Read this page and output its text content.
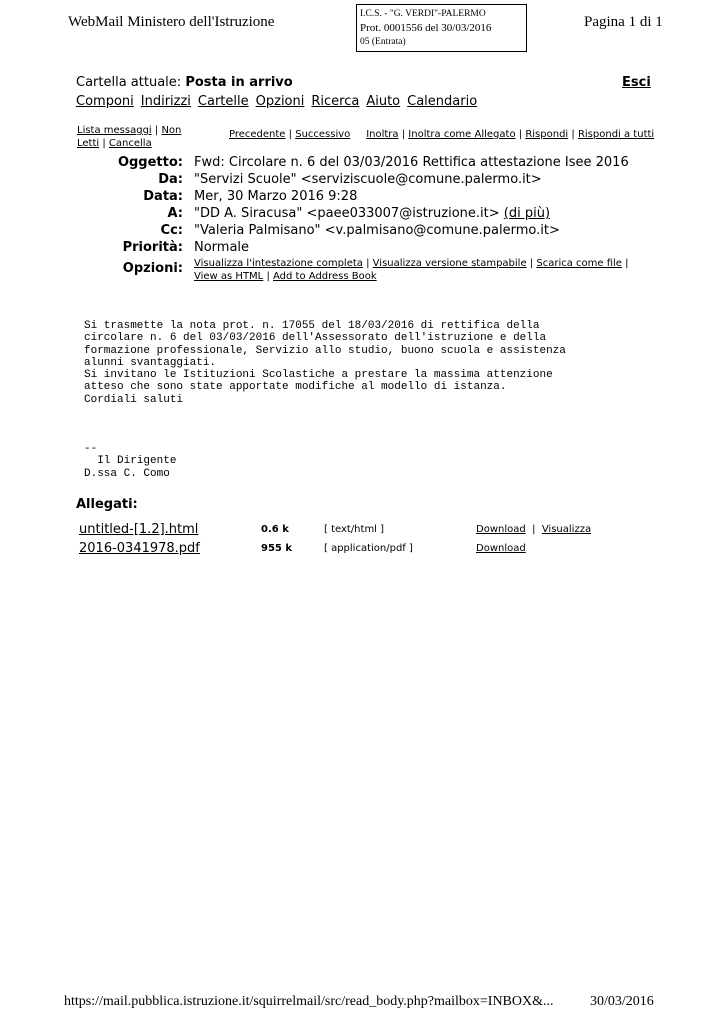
WebMail Ministero dell'Istruzione	I.C.S. - "G. VERDI"-PALERMO
Prot. 0001556 del 30/03/2016
05 (Entrata)
Pagina 1 di 1
Cartella attuale: Posta in arrivo	Esci
Componi Indirizzi Cartelle Opzioni Ricerca Aiuto Calendario
Lista messaggi | Non Letti | Cancella
Precedente | Successivo Inoltra | Inoltra come Allegato | Rispondi | Rispondi a tutti
Oggetto: Fwd: Circolare n. 6 del 03/03/2016 Rettifica attestazione Isee 2016
Da: "Servizi Scuole" <serviziscuole@comune.palermo.it>
Data: Mer, 30 Marzo 2016 9:28
A: "DD A. Siracusa" <paee033007@istruzione.it> (di più)
Cc: "Valeria Palmisano" <v.palmisano@comune.palermo.it>
Priorità: Normale
Opzioni: Visualizza l'intestazione completa | Visualizza versione stampabile | Scarica come file | View as HTML | Add to Address Book
Si trasmette la nota prot. n. 17055 del 18/03/2016 di rettifica della
circolare n. 6 del 03/03/2016 dell'Assessorato dell'istruzione e della
formazione professionale, Servizio allo studio, buono scuola e assistenza
alunni svantaggiati.
Si invitano le Istituzioni Scolastiche a prestare la massima attenzione
atteso che sono state apportate modifiche al modello di istanza.
Cordiali saluti

--
Il Dirigente
D.ssa C. Como
Allegati:
untitled-[1.2].html	0.6 k	[ text/html ]	Download | Visualizza
2016-0341978.pdf	955 k	[ application/pdf ]	Download
https://mail.pubblica.istruzione.it/squirrelmail/src/read_body.php?mailbox=INBOX&...	30/03/2016
